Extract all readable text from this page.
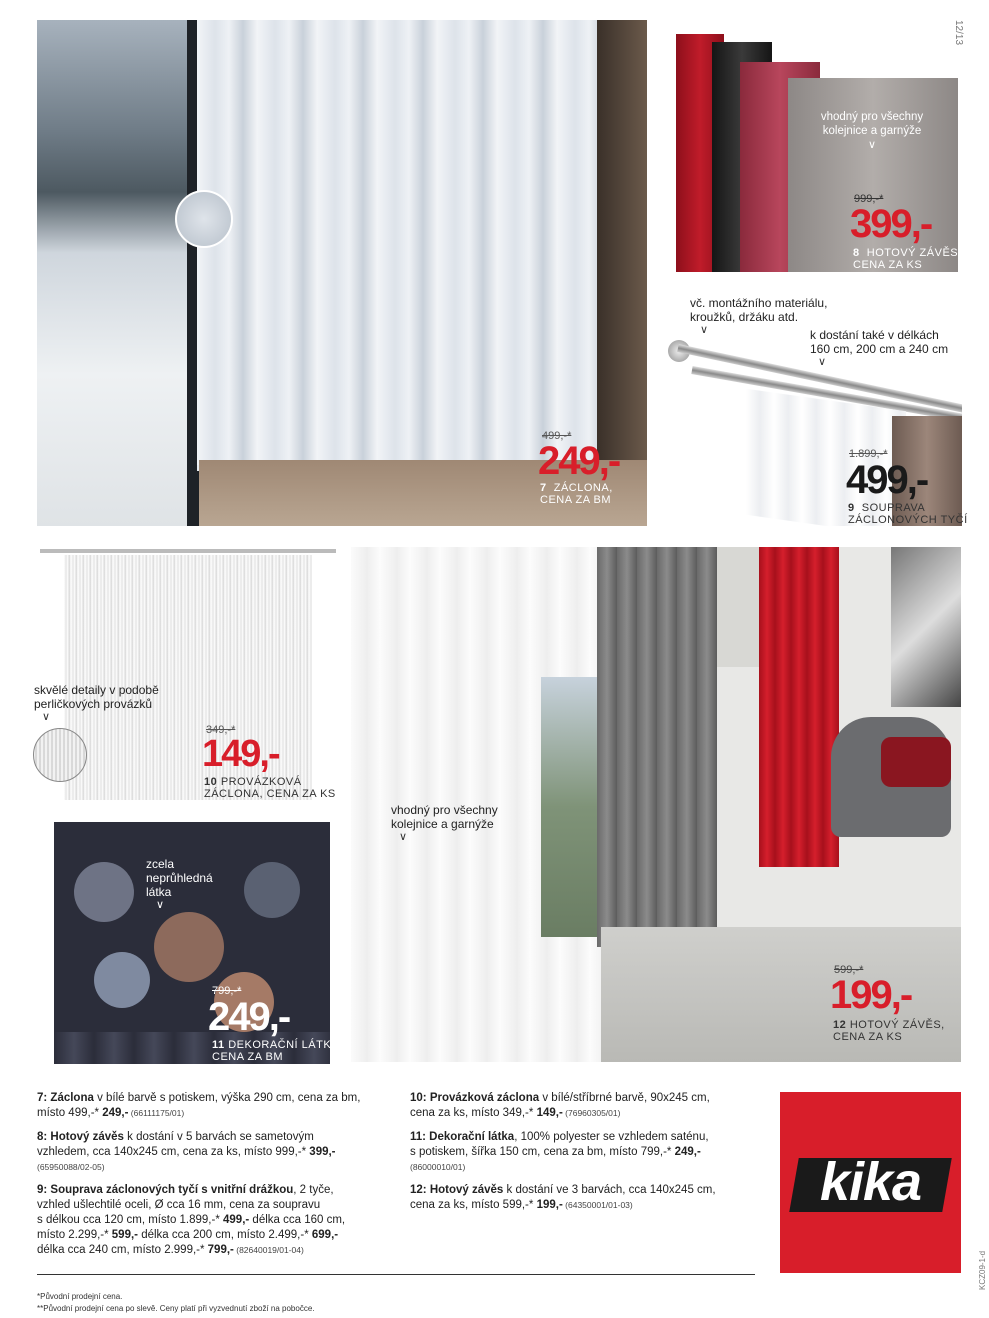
12/13
499,-*
249,-
7 ZÁCLONA,
CENA ZA BM
vhodný pro všechny
kolejnice a garnýže
∨
999,-*
399,-
8 HOTOVÝ ZÁVĚS,
CENA ZA KS
vč. montážního materiálu,
kroužků, držáku atd.
∨	k dostání také v délkách
160 cm, 200 cm a 240 cm
∨
1.899,-*
499,-
9 SOUPRAVA
ZÁCLONOVÝCH TYČÍ
skvělé detaily v podobě
perličkových provázků
∨
349,-*
149,-
10 PROVÁZKOVÁ
ZÁCLONA, CENA ZA KS
zcela
neprůhledná
látka
∨
799,-*
249,-
11 DEKORAČNÍ LÁTKA,
CENA ZA BM
vhodný pro všechny
kolejnice a garnýže
∨
599,-*
199,-
12 HOTOVÝ ZÁVĚS,
CENA ZA KS
7: Záclona v bílé barvě s potiskem, výška 290 cm, cena za bm,
místo 499,-* 249,- (66111175/01)
8: Hotový závěs k dostání v 5 barvách se sametovým
vzhledem, cca 140x245 cm, cena za ks, místo 999,-* 399,-
(65950088/02-05)
9: Souprava záclonových tyčí s vnitřní drážkou, 2 tyče,
vzhled ušlechtilé oceli, Ø cca 16 mm, cena za soupravu
s délkou cca 120 cm, místo 1.899,-* 499,- délka cca 160 cm,
místo 2.299,-* 599,- délka cca 200 cm, místo 2.499,-* 699,-
délka cca 240 cm, místo 2.999,-* 799,- (82640019/01-04)
10: Provázková záclona v bílé/stříbrné barvě, 90x245 cm,
cena za ks, místo 349,-* 149,- (76960305/01)
11: Dekorační látka, 100% polyester se vzhledem saténu,
s potiskem, šířka 150 cm, cena za bm, místo 799,-* 249,-
(86000010/01)
12: Hotový závěs k dostání ve 3 barvách, cca 140x245 cm,
cena za ks, místo 599,-* 199,- (64350001/01-03)	kika
KCZ09-1-d
*Původní prodejní cena.
**Původní prodejní cena po slevě. Ceny platí při vyzvednutí zboží na pobočce.
